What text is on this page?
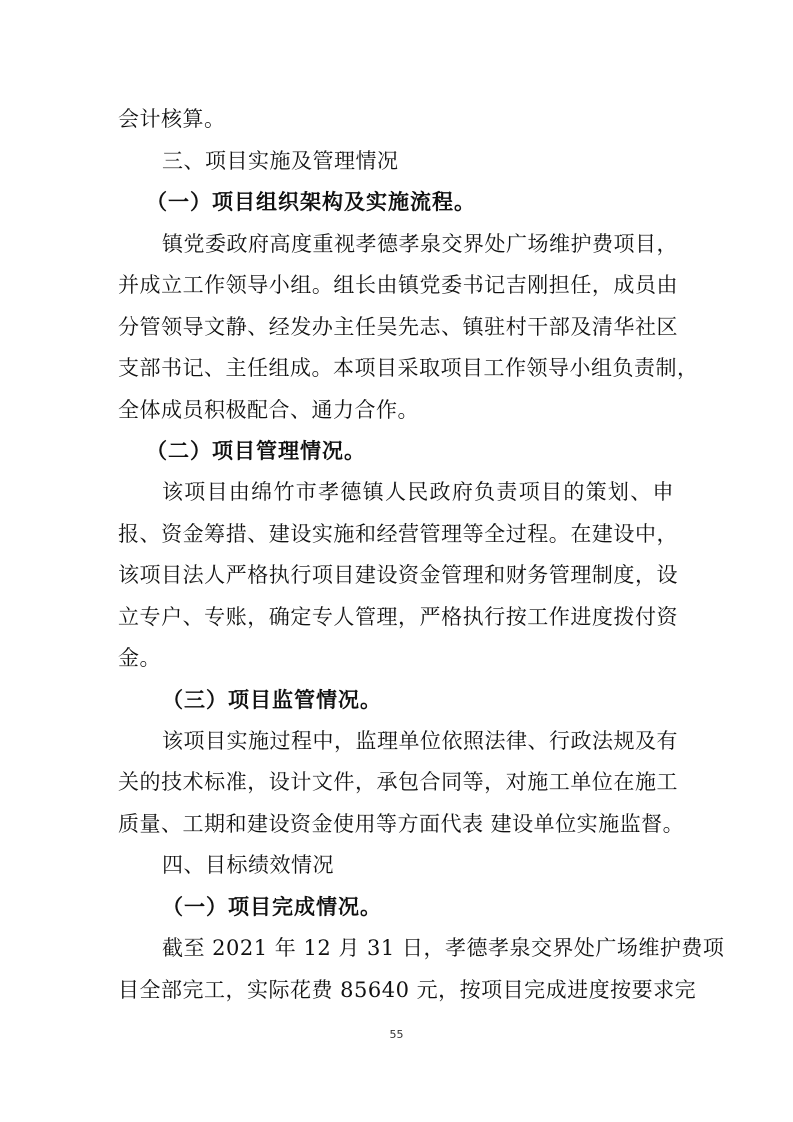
会计核算。
三、项目实施及管理情况
（一）项目组织架构及实施流程。
镇党委政府高度重视孝德孝泉交界处广场维护费项目，
并成立工作领导小组。组长由镇党委书记吉刚担任，成员由
分管领导文静、经发办主任吴先志、镇驻村干部及清华社区
支部书记、主任组成。本项目采取项目工作领导小组负责制，
全体成员积极配合、通力合作。
（二）项目管理情况。
该项目由绵竹市孝德镇人民政府负责项目的策划、申
报、资金筹措、建设实施和经营管理等全过程。在建设中，
该项目法人严格执行项目建设资金管理和财务管理制度，设
立专户、专账，确定专人管理，严格执行按工作进度拨付资
金。
（三）项目监管情况。
该项目实施过程中，监理单位依照法律、行政法规及有
关的技术标准，设计文件，承包合同等，对施工单位在施工
质量、工期和建设资金使用等方面代表 建设单位实施监督。
四、目标绩效情况
（一）项目完成情况。
截至 2021 年 12 月 31 日，孝德孝泉交界处广场维护费项
目全部完工，实际花费 85640 元，按项目完成进度按要求完
55
